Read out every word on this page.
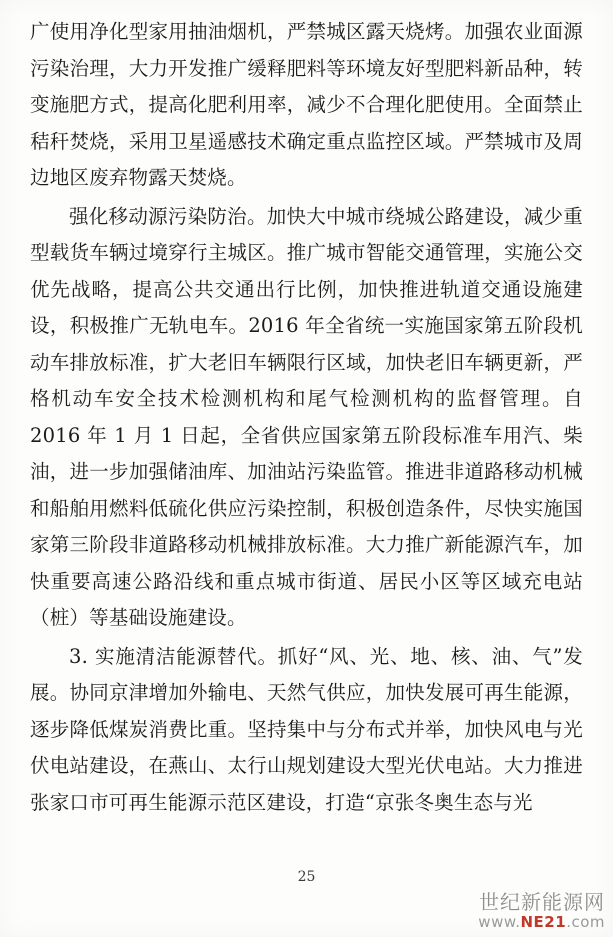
广使用净化型家用抽油烟机，严禁城区露天烧烤。加强农业面源污染治理，大力开发推广缓释肥料等环境友好型肥料新品种，转变施肥方式，提高化肥利用率，减少不合理化肥使用。全面禁止秸秆焚烧，采用卫星遥感技术确定重点监控区域。严禁城市及周边地区废弃物露天焚烧。

强化移动源污染防治。加快大中城市绕城公路建设，减少重型载货车辆过境穿行主城区。推广城市智能交通管理，实施公交优先战略，提高公共交通出行比例，加快推进轨道交通设施建设，积极推广无轨电车。2016 年全省统一实施国家第五阶段机动车排放标准，扩大老旧车辆限行区域，加快老旧车辆更新，严格机动车安全技术检测机构和尾气检测机构的监督管理。自 2016 年 1 月 1 日起，全省供应国家第五阶段标准车用汽、柴油，进一步加强储油库、加油站污染监管。推进非道路移动机械和船舶用燃料低硫化供应污染控制，积极创造条件，尽快实施国家第三阶段非道路移动机械排放标准。大力推广新能源汽车，加快重要高速公路沿线和重点城市街道、居民小区等区域充电站（桩）等基础设施建设。

3. 实施清洁能源替代。抓好“风、光、地、核、油、气”发展。协同京津增加外输电、天然气供应，加快发展可再生能源，逐步降低煤炭消费比重。坚持集中与分布式并举，加快风电与光伏电站建设，在燕山、太行山规划建设大型光伏电站。大力推进张家口市可再生能源示范区建设，打造“京张冬奥生态与光

25
世纪新能源网
www.NE21.com
